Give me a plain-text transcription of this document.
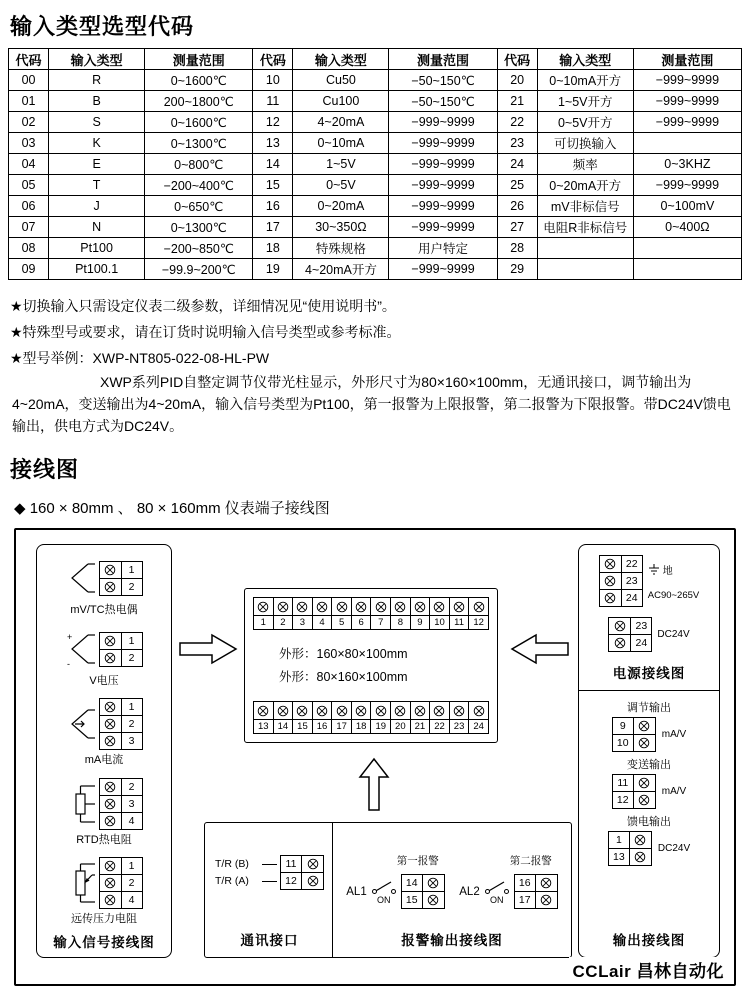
输入类型选型代码
代码	输入类型	测量范围	代码	输入类型	测量范围	代码	输入类型	测量范围
00	R	0~1600℃	10	Cu50	−50~150℃	20	0~10mA开方	−999~9999
01	B	200~1800℃	11	Cu100	−50~150℃	21	1~5V开方	−999~9999
02	S	0~1600℃	12	4~20mA	−999~9999	22	0~5V开方	−999~9999
03	K	0~1300℃	13	0~10mA	−999~9999	23	可切换输入	
04	E	0~800℃	14	1~5V	−999~9999	24	频率	0~3KHZ
05	T	−200~400℃	15	0~5V	−999~9999	25	0~20mA开方	−999~9999
06	J	0~650℃	16	0~20mA	−999~9999	26	mV非标信号	0~100mV
07	N	0~1300℃	17	30~350Ω	−999~9999	27	电阻R非标信号	0~400Ω
08	Pt100	−200~850℃	18	特殊规格	用户特定	28		
09	Pt100.1	−99.9~200℃	19	4~20mA开方	−999~9999	29		
★切换输入只需设定仪表二级参数，详细情况见“使用说明书”。
★特殊型号或要求，请在订货时说明输入信号类型或参考标准。
★型号举例：XWP-NT805-022-08-HL-PW

XWP系列PID自整定调节仪带光柱显示，外形尺寸为80×160×100mm，无通讯接口，调节输出为4~20mA，变送输出为4~20mA，输入信号类型为Pt100，第一报警为上限报警，第二报警为下限报警。带DC24V馈电输出，供电方式为DC24V。

接线图
◆ 160 × 80mm 、 80 × 160mm 仪表端子接线图
1
2
mV/TC热电偶
+
-
1
2
V电压
1
2
3
mA电流
2
3
4
RTD热电阻
1
2
4
远传压力电阻
输入信号接线图
1	2	3	4	5	6	7	8	9	10 11 12
外形：160×80×100mm
外形：80×160×100mm
13 14 15 16 17 18 19 20 21 22 23 24
T/R (B)	11
T/R (A)	12
通讯接口
第一报警
AL1
ON
14
15
第二报警
AL2
ON
16
17
报警输出接线图
22
23
24
地
AC90~265V
23
24
DC24V
电源接线图
调节输出
9
10
mA/V
变送输出
11
12
mA/V
馈电输出
1
13
DC24V
输出接线图
CCLair 昌林自动化
